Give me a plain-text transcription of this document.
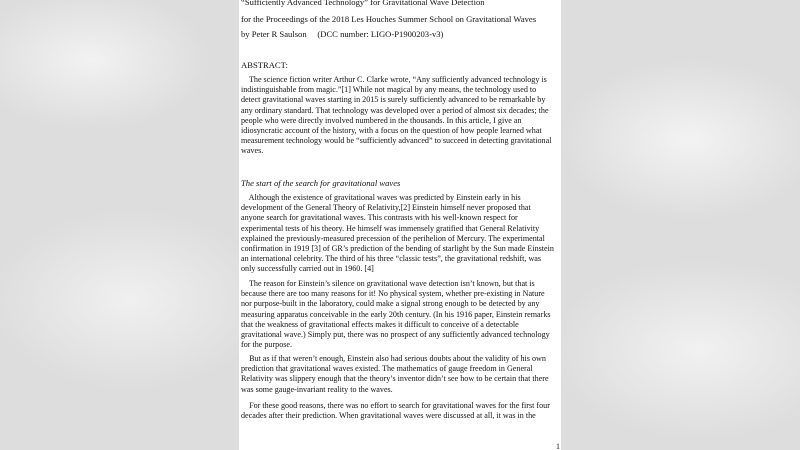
“Sufficiently Advanced Technology” for Gravitational Wave Detection
for the Proceedings of the 2018 Les Houches Summer School on Gravitational Waves
by Peter R Saulson     (DCC number: LIGO-P1900203-v3)
ABSTRACT:
The science fiction writer Arthur C. Clarke wrote, “Any sufficiently advanced technology is
indistinguishable from magic.”[1] While not magical by any means, the technology used to
detect gravitational waves starting in 2015 is surely sufficiently advanced to be remarkable by
any ordinary standard. That technology was developed over a period of almost six decades; the
people who were directly involved numbered in the thousands. In this article, I give an
idiosyncratic account of the history, with a focus on the question of how people learned what
measurement technology would be “sufficiently advanced” to succeed in detecting gravitational
waves.
The start of the search for gravitational waves
Although the existence of gravitational waves was predicted by Einstein early in his
development of the General Theory of Relativity,[2] Einstein himself never proposed that
anyone search for gravitational waves. This contrasts with his well-known respect for
experimental tests of his theory. He himself was immensely gratified that General Relativity
explained the previously-measured precession of the perihelion of Mercury. The experimental
confirmation in 1919 [3] of GR’s prediction of the bending of starlight by the Sun made Einstein
an international celebrity. The third of his three “classic tests”, the gravitational redshift, was
only successfully carried out in 1960. [4]
The reason for Einstein’s silence on gravitational wave detection isn’t known, but that is
because there are too many reasons for it! No physical system, whether pre-existing in Nature
nor purpose-built in the laboratory, could make a signal strong enough to be detected by any
measuring apparatus conceivable in the early 20th century. (In his 1916 paper, Einstein remarks
that the weakness of gravitational effects makes it difficult to conceive of a detectable
gravitational wave.) Simply put, there was no prospect of any sufficiently advanced technology
for the purpose.
But as if that weren’t enough, Einstein also had serious doubts about the validity of his own
prediction that gravitational waves existed. The mathematics of gauge freedom in General
Relativity was slippery enough that the theory’s inventor didn’t see how to be certain that there
was some gauge-invariant reality to the waves.
For these good reasons, there was no effort to search for gravitational waves for the first four
decades after their prediction. When gravitational waves were discussed at all, it was in the
1
